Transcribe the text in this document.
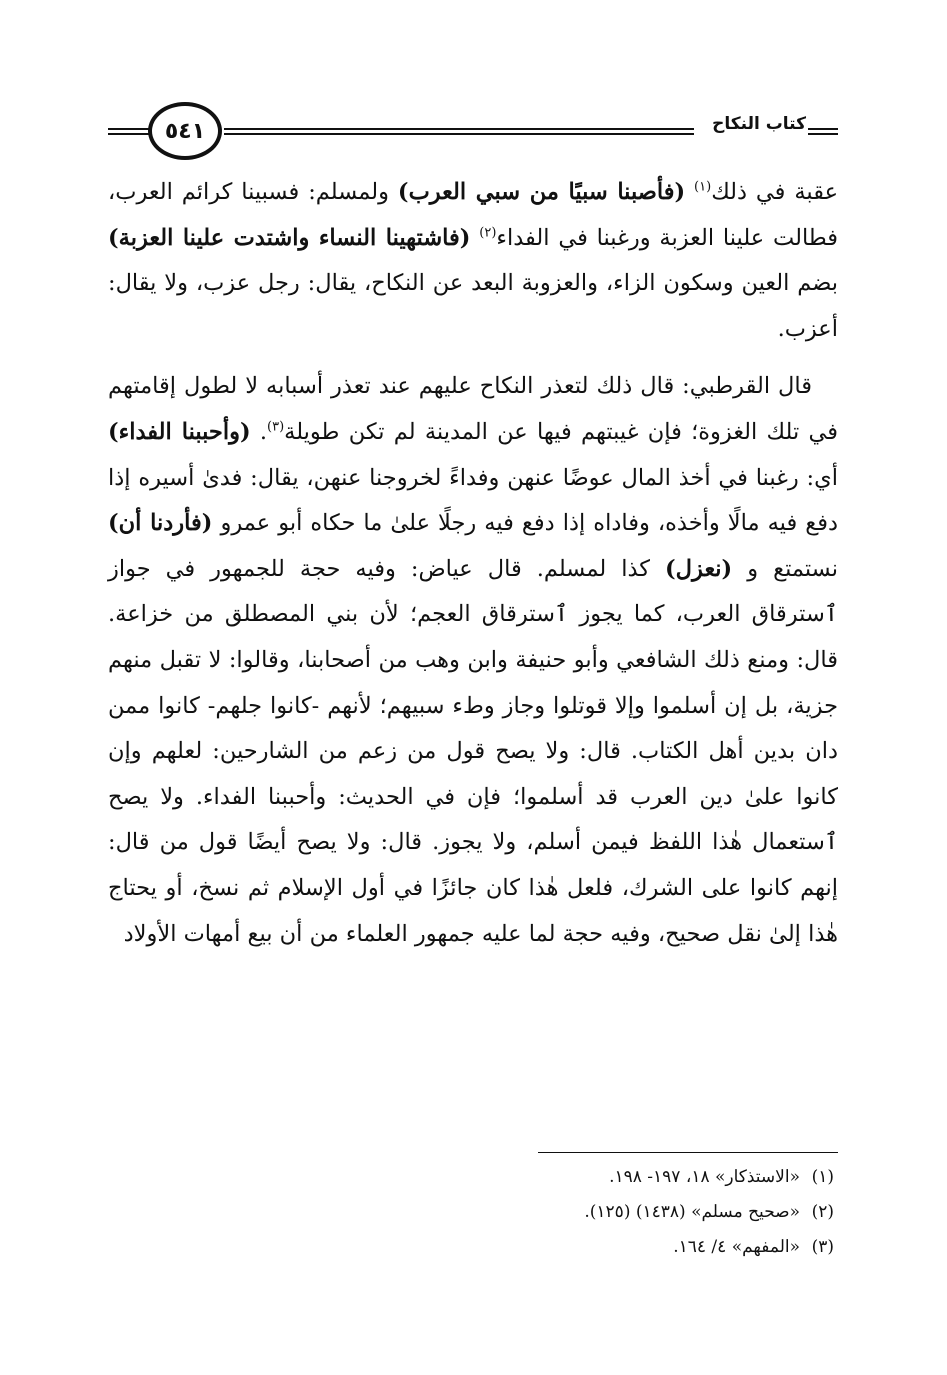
٥٤١	كتاب النكاح

عقبة في ذلك$^{(١)}$ (فأصبنا سبيًا من سبي العرب) ولمسلم: فسبينا كرائم العرب، فطالت علينا العزبة ورغبنا في الفداء$^{(٢)}$ (فاشتهينا النساء واشتدت علينا العزبة) بضم العين وسكون الزاء، والعزوبة البعد عن النكاح، يقال: رجل عزب، ولا يقال: أعزب.

قال القرطبي: قال ذلك لتعذر النكاح عليهم عند تعذر أسبابه لا لطول إقامتهم في تلك الغزوة؛ فإن غيبتهم فيها عن المدينة لم تكن طويلة$^{(٣)}$. (وأحببنا الفداء) أي: رغبنا في أخذ المال عوضًا عنهن وفداءً لخروجنا عنهن، يقال: فدىٰ أسيره إذا دفع فيه مالًا وأخذه، وفاداه إذا دفع فيه رجلًا علىٰ ما حكاه أبو عمرو (فأردنا أن) نستمتع و (نعزل) كذا لمسلم. قال عياض: وفيه حجة للجمهور في جواز ٱسترقاق العرب، كما يجوز ٱسترقاق العجم؛ لأن بني المصطلق من خزاعة. قال: ومنع ذلك الشافعي وأبو حنيفة وابن وهب من أصحابنا، وقالوا: لا تقبل منهم جزية، بل إن أسلموا وإلا قوتلوا وجاز وطء سبيهم؛ لأنهم -كانوا جلهم- كانوا ممن دان بدين أهل الكتاب. قال: ولا يصح قول من زعم من الشارحين: لعلهم وإن كانوا علىٰ دين العرب قد أسلموا؛ فإن في الحديث: وأحببنا الفداء. ولا يصح ٱستعمال هٰذا اللفظ فيمن أسلم، ولا يجوز. قال: ولا يصح أيضًا قول من قال: إنهم كانوا على الشرك، فلعل هٰذا كان جائزًا في أول الإسلام ثم نسخ، أو يحتاج هٰذا إلىٰ نقل صحيح، وفيه حجة لما عليه جمهور العلماء من أن بيع أمهات الأولاد

(١)«الاستذكار» ١٨، ١٩٧- ١٩٨.

(٢)«صحيح مسلم» (١٤٣٨) (١٢٥).

(٣)«المفهم» ٤/ ١٦٤.
